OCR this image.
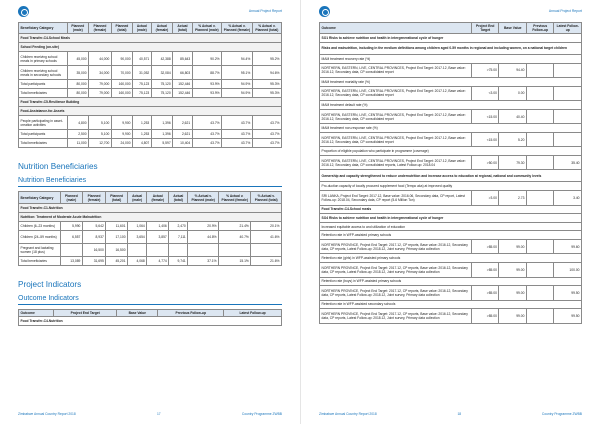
Annual Project Report
Beneficiary Category	Planned (male)	Planned (female)	Planned (total)	Actual (male)	Actual (female)	Actual (total)	% Actual v. Planned (male)	% Actual v. Planned (female)	% Actual v. Planned (total)
Food Transfer-C4-School Meals									
School Feeding (on-site)									
Children receiving school meals in primary schools	45,000	44,000	90,000	40,571	42,388	85,643	90.2%	94.4%	95.2%
Children receiving school meals in secondary schools	35,000	34,000	70,000	31,052	32,084	66,803	88.7%	95.1%	94.6%
Total participants	80,000	79,000	160,000	75,123	75,120	152,446	93.9%	94.9%	95.3%
Total beneficiaries	80,000	79,000	160,000	75,123	75,120	152,446	93.9%	94.9%	95.3%
Food Transfer-C5-Resilience Building									
Food-Assistance-for-Assets									
People participating in asset-creation activities	4,800	5,100	9,900	1,253	1,396	2,621	43.7%	43.7%	43.7%
Total participants	2,500	5,100	9,900	1,253	1,396	2,621	43.7%	43.7%	43.7%
Total beneficiaries	11,000	12,700	24,000	4,807	5,597	10,404	43.7%	43.7%	43.7%
Nutrition Beneficiaries
Nutrition Beneficiaries
Beneficiary Category	Planned (male)	Planned (female)	Planned (total)	Actual (male)	Actual (female)	Actual (total)	% Actual v. Planned (male)	% Actual v. Planned (female)	% Actual v. Planned (total)
Food Transfer-C1-Nutrition									
Nutrition: Treatment of Moderate Acute Malnutrition									
Children (6–23 months)	5,990	5,642	11,601	1,064	1,406	2,470	20.9%	21.4%	20.1%
Children (24–59 months)	6,557	8,937	17,100	3,654	3,857	7,111	44.8%	40.7%	41.6%
Pregnant and lactating women (18 plus)		16,500	16,500						
Total beneficiaries	13,089	31,695	45,201	4,068	4,774	9,741	37.1%	15.1%	21.6%
Project Indicators
Outcome Indicators
Outcome	Project End Target	Base Value	Previous Follow-up	Latest Follow-up
Food Transfer-C4-Nutrition
Zimbabwe Annual Country Report 2018	17	Country Programme ZWBB
Annual Project Report
Outcome	Project End Target	Base Value	Previous Follow-up	Latest Follow-up
SO1 Risks to achieve nutrition and health in intergenerational cycle of hunger				
Risks and malnutrition, including in the medium definitions among children aged 0-59 months in regional and including women, on a national target children				
MAM treatment recovery rate (%)				
NORTHERN, EASTERN, LIVE, CENTRAL PROVINCES, Project End Target: 2017.12, Base value: 2016.12, Secondary data, CP consolidated report	>75.00	94.40		
MAM treatment mortality rate (%)				
NORTHERN, EASTERN, LIVE, CENTRAL PROVINCES, Project End Target: 2017.12, Base value: 2016.12, Secondary data, CP consolidated report	<3.00	0.00		
MAM treatment default rate (%)				
NORTHERN, EASTERN, LIVE, CENTRAL PROVINCES, Project End Target: 2017.12, Base value: 2016.12, Secondary data, CP consolidated report	<15.00	40.40		
MAM treatment non-response rate (%)				
NORTHERN, EASTERN, LIVE, CENTRAL PROVINCES, Project End Target: 2017.12, Base value: 2016.12, Secondary data, CP consolidated report	<15.00	5.20		
Proportion of eligible population who participate in programme (coverage)				
NORTHERN, EASTERN, LIVE, CENTRAL PROVINCES, Project End Target: 2017.12, Base value: 2016.12, Secondary data, CP consolidated reports, Latest Follow-up: 2018.04	>50.00	79.30		35.40
Ownership and capacity strengthened to reduce undernutrition and increase access to education at regional, national and community levels				
Pro-duction capacity of locally procured supplement food (Tempo aka) at improved quality				
SRI LANKA, Project End Target: 2017.12, Base value: 2016.06, Secondary data, CP report, Latest Follow-up: 2018.04, Secondary data, CP report (5-6 Million Ton)	>3.00	2.73		3.40
Food Transfer-C4-School meals				
SO4 Risks to achieve nutrition and health in intergenerational cycle of hunger				
Increased equitable access to and utilization of education				
Retention rate in WFP-assisted primary schools				
NORTHERN PROVINCE, Project End Target: 2017.12, CP reports, Base value: 2016.12, Secondary data, CP reports, Latest Follow-up: 2018.12, Joint survey, Primary data collection	>85.00	99.00		99.60
Retention rate (girls) in WFP-assisted primary schools				
NORTHERN PROVINCE, Project End Target: 2017.12, CP reports, Base value: 2016.12, Secondary data, CP reports, Latest Follow-up: 2018.12, Joint survey, Primary data collection	>85.00	99.00		100.00
Retention rate (boys) in WFP-assisted primary schools				
NORTHERN PROVINCE, Project End Target: 2017.12, CP reports, Base value: 2016.12, Secondary data, CP reports, Latest Follow-up: 2018.12, Joint survey, Primary data collection	>85.00	99.00		99.50
Retention rate in WFP-assisted secondary schools				
NORTHERN PROVINCE, Project End Target: 2017.12, CP reports, Base value: 2016.12, Secondary data, CP reports, Latest Follow-up: 2018.12, Joint survey, Primary data collection	>85.00	99.00		99.50
Zimbabwe Annual Country Report 2018	18	Country Programme ZWBB
